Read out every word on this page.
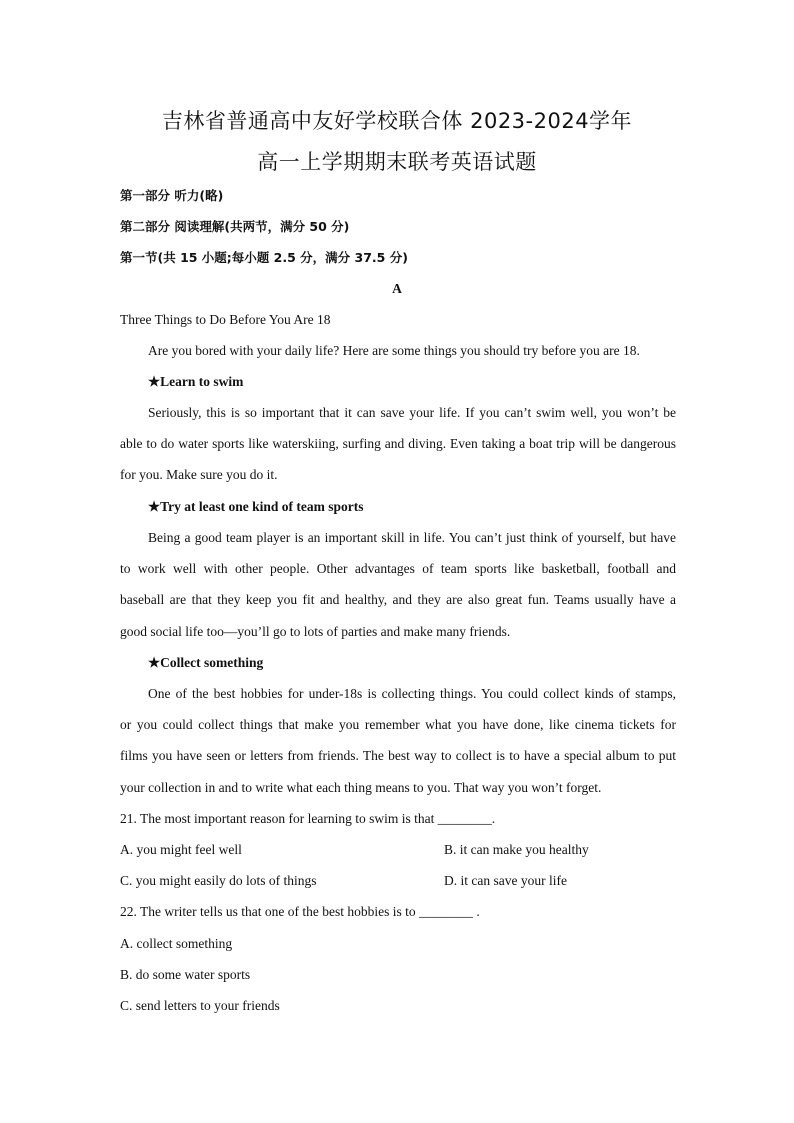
吉林省普通高中友好学校联合体 2023-2024学年
高一上学期期末联考英语试题
第一部分 听力(略)
第二部分 阅读理解(共两节，满分 50 分)
第一节(共 15 小题;每小题 2.5 分，满分 37.5 分)
A
Three Things to Do Before You Are 18
Are you bored with your daily life? Here are some things you should try before you are 18.
★Learn to swim
Seriously, this is so important that it can save your life. If you can’t swim well, you won’t be
able to do water sports like waterskiing, surfing and diving. Even taking a boat trip will be dangerous
for you. Make sure you do it.
★Try at least one kind of team sports
Being a good team player is an important skill in life. You can’t just think of yourself, but have
to work well with other people. Other advantages of team sports like basketball, football and
baseball are that they keep you fit and healthy, and they are also great fun. Teams usually have a
good social life too—you’ll go to lots of parties and make many friends.
★Collect something
One of the best hobbies for under-18s is collecting things. You could collect kinds of stamps,
or you could collect things that make you remember what you have done, like cinema tickets for
films you have seen or letters from friends. The best way to collect is to have a special album to put
your collection in and to write what each thing means to you. That way you won’t forget.
21. The most important reason for learning to swim is that ________.
A. you might feel well	B. it can make you healthy
C. you might easily do lots of things	D. it can save your life
22. The writer tells us that one of the best hobbies is to ________ .
A. collect something
B. do some water sports
C. send letters to your friends
